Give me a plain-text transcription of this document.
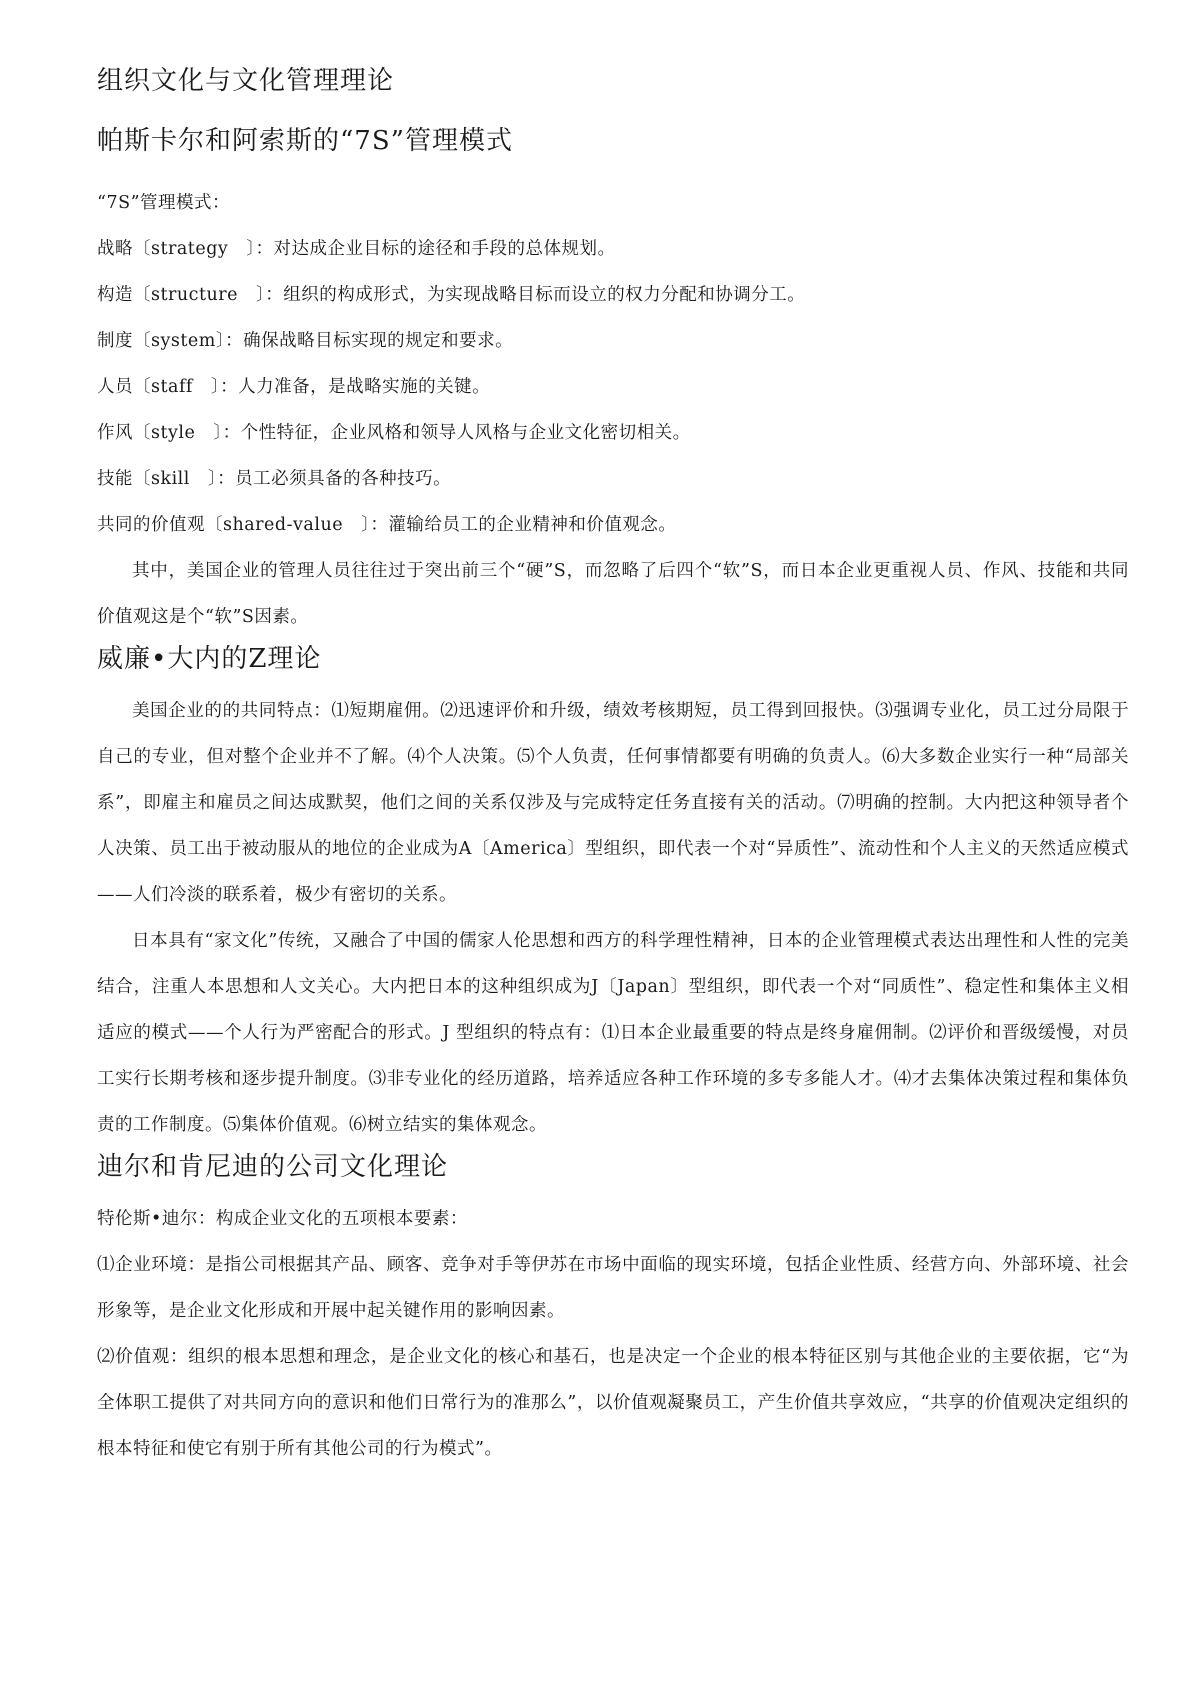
组织文化与文化管理理论
帕斯卡尔和阿索斯的“7S”管理模式

“7S”管理模式：

战略〔strategy　〕：对达成企业目标的途径和手段的总体规划。

构造〔structure　〕：组织的构成形式，为实现战略目标而设立的权力分配和协调分工。

制度〔system〕：确保战略目标实现的规定和要求。

人员〔staff　〕：人力准备，是战略实施的关键。

作风〔style　〕：个性特征，企业风格和领导人风格与企业文化密切相关。

技能〔skill　〕：员工必须具备的各种技巧。

共同的价值观〔shared-value　〕：灌输给员工的企业精神和价值观念。

其中，美国企业的管理人员往往过于突出前三个“硬”S，而忽略了后四个“软”S，而日本企业更重视人员、作风、技能和共同价值观这是个“软”S因素。

威廉•大内的Z理论

美国企业的的共同特点：⑴短期雇佣。⑵迅速评价和升级，绩效考核期短，员工得到回报快。⑶强调专业化，员工过分局限于自己的专业，但对整个企业并不了解。⑷个人决策。⑸个人负责，任何事情都要有明确的负责人。⑹大多数企业实行一种“局部关系”，即雇主和雇员之间达成默契，他们之间的关系仅涉及与完成特定任务直接有关的活动。⑺明确的控制。大内把这种领导者个人决策、员工出于被动服从的地位的企业成为A〔America〕型组织，即代表一个对“异质性”、流动性和个人主义的天然适应模式——人们冷淡的联系着，极少有密切的关系。

日本具有“家文化”传统，又融合了中国的儒家人伦思想和西方的科学理性精神，日本的企业管理模式表达出理性和人性的完美结合，注重人本思想和人文关心。大内把日本的这种组织成为J〔Japan〕型组织，即代表一个对“同质性”、稳定性和集体主义相适应的模式——个人行为严密配合的形式。J 型组织的特点有：⑴日本企业最重要的特点是终身雇佣制。⑵评价和晋级缓慢，对员工实行长期考核和逐步提升制度。⑶非专业化的经历道路，培养适应各种工作环境的多专多能人才。⑷才去集体决策过程和集体负责的工作制度。⑸集体价值观。⑹树立结实的集体观念。

迪尔和肯尼迪的公司文化理论

特伦斯•迪尔：构成企业文化的五项根本要素：

⑴企业环境：是指公司根据其产品、顾客、竞争对手等伊苏在市场中面临的现实环境，包括企业性质、经营方向、外部环境、社会形象等，是企业文化形成和开展中起关键作用的影响因素。

⑵价值观：组织的根本思想和理念，是企业文化的核心和基石，也是决定一个企业的根本特征区别与其他企业的主要依据，它“为全体职工提供了对共同方向的意识和他们日常行为的准那么”，以价值观凝聚员工，产生价值共享效应，“共享的价值观决定组织的根本特征和使它有别于所有其他公司的行为模式”。
